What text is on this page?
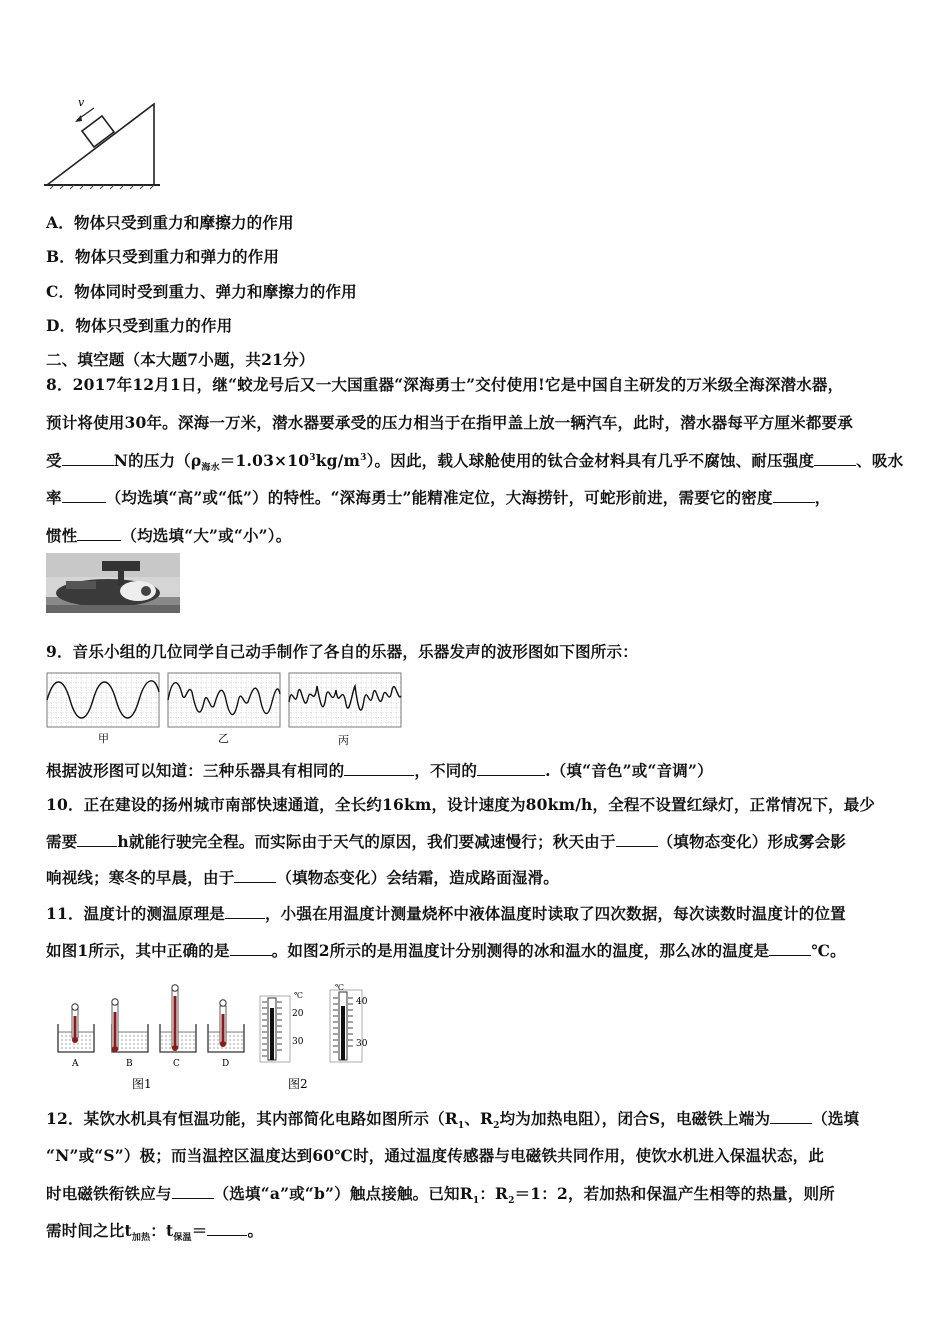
v
A．物体只受到重力和摩擦力的作用
B．物体只受到重力和弹力的作用
C．物体同时受到重力、弹力和摩擦力的作用
D．物体只受到重力的作用
二、填空题（本大题7小题，共21分）
8．2017年12月1日，继“蛟龙号后又一大国重器“深海勇士”交付使用!它是中国自主研发的万米级全海深潜水器，
预计将使用30年。深海一万米，潜水器要承受的压力相当于在指甲盖上放一辆汽车，此时，潜水器每平方厘米都要承
受	N的压力$(\rho_{海水}=1.03\times 10^3kg/m^3)$。因此，载人球舱使用的钛合金材料具有几乎不腐蚀、耐压强度	、吸水
率	（均选填“高”或“低”）的特性。“深海勇士”能精准定位，大海捞针，可蛇形前进，需要它的密度	，
惯性	（均选填“大”或“小”）。
9．音乐小组的几位同学自己动手制作了各自的乐器，乐器发声的波形图如下图所示：
甲	乙	丙
根据波形图可以知道：三种乐器具有相同的	，不同的	.（填“音色”或“音调”）
10．正在建设的扬州城市南部快速通道，全长约16km，设计速度为80km/h，全程不设置红绿灯，正常情况下，最少
需要	h就能行驶完全程。而实际由于天气的原因，我们要减速慢行；秋天由于	（填物态变化）形成雾会影
响视线；寒冬的早晨，由于	（填物态变化）会结霜，造成路面湿滑。
11．温度计的测温原理是	，小强在用温度计测量烧杯中液体温度时读取了四次数据，每次读数时温度计的位置
如图1所示，其中正确的是	。如图2所示的是用温度计分别测得的冰和温水的温度，那么冰的温度是	℃。
A	B	C	D
℃
20
30
℃
40
30
图1	图2
12．某饮水机具有恒温功能，其内部简化电路如图所示（$R_1$、$R_2$均为加热电阻），闭合S，电磁铁上端为	（选填
“N”或“S”）极；而当温控区温度达到60℃时，通过温度传感器与电磁铁共同作用，使饮水机进入保温状态，此
时电磁铁衔铁应与	（选填“a”或“b”）触点接触。已知$R_1$：$R_2=1$：2，若加热和保温产生相等的热量，则所
需时间之比$t_{加热}$：$t_{保温}=$	。
